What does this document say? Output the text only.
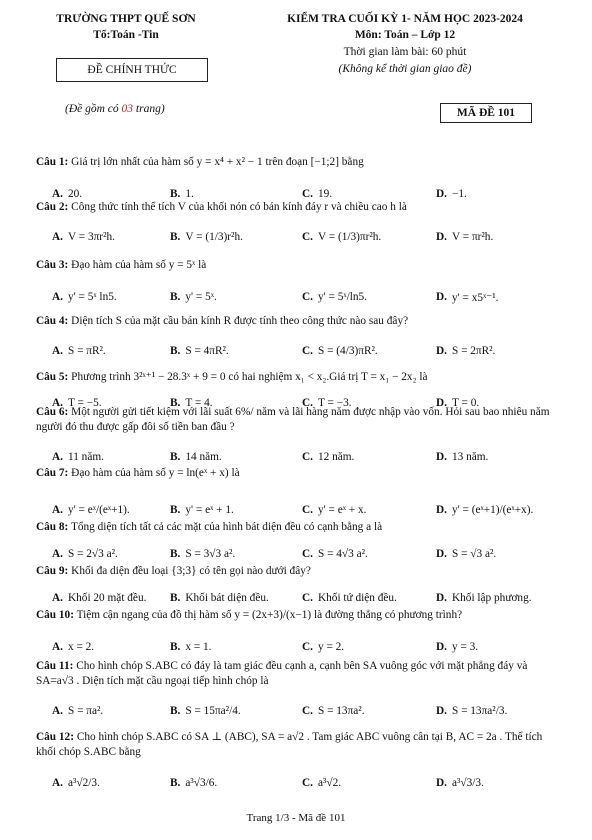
TRƯỜNG THPT QUẾ SƠN
Tổ:Toán -Tin
ĐỀ CHÍNH THỨC
(Đề gồm có 03 trang)
KIỂM TRA CUỐI KỲ 1- NĂM HỌC 2023-2024
Môn: Toán – Lớp 12
Thời gian làm bài: 60 phút
(Không kể thời gian giao đề)
MÃ ĐỀ 101
Câu 1: Giá trị lớn nhất của hàm số y = x⁴ + x² − 1 trên đoạn [−1;2] bằng
A. 20.	B. 1.	C. 19.	D. −1.
Câu 2: Công thức tính thể tích V của khối nón có bán kính đáy r và chiều cao h là
A. V = 3πr²h.	B. V = (1/3)r²h.	C. V = (1/3)πr²h.	D. V = πr²h.
Câu 3: Đạo hàm của hàm số y = 5ˣ là
A. y' = 5ˣ ln5.	B. y' = 5ˣ.	C. y' = 5ˣ/ln5.	D. y' = x5ˣ⁻¹.
Câu 4: Diện tích S của mặt cầu bán kính R được tính theo công thức nào sau đây?
A. S = πR².	B. S = 4πR².	C. S = (4/3)πR².	D. S = 2πR².
Câu 5: Phương trình 3²ˣ⁺¹ − 28.3ˣ + 9 = 0 có hai nghiệm x₁ < x₂.Giá trị T = x₁ − 2x₂ là
A. T = −5.	B. T = 4.	C. T = −3.	D. T = 0.
Câu 6: Một người gửi tiết kiệm với lãi suất 6%/ năm và lãi hàng năm được nhập vào vốn. Hỏi sau bao nhiêu năm người đó thu được gấp đôi số tiền ban đầu ?
A. 11 năm.	B. 14 năm.	C. 12 năm.	D. 13 năm.
Câu 7: Đạo hàm của hàm số y = ln(eˣ + x) là
A. y' = eˣ/(eˣ+1).	B. y' = eˣ + 1.	C. y' = eˣ + x.	D. y' = (eˣ+1)/(eˣ+x).
Câu 8: Tổng diện tích tất cả các mặt của hình bát diện đều có cạnh bằng a là
A. S = 2√3 a².	B. S = 3√3 a².	C. S = 4√3 a².	D. S = √3 a².
Câu 9: Khối đa diện đều loại {3;3} có tên gọi nào dưới đây?
A. Khối 20 mặt đều. B. Khối bát diện đều.	C. Khối tứ diện đều.	D. Khối lập phương.
Câu 10: Tiệm cận ngang của đồ thị hàm số y = (2x+3)/(x−1) là đường thẳng có phương trình?
A. x = 2.	B. x = 1.	C. y = 2.	D. y = 3.
Câu 11: Cho hình chóp S.ABC có đáy là tam giác đều cạnh a, cạnh bên SA vuông góc với mặt phẳng đáy và SA=a√3 . Diện tích mặt cầu ngoại tiếp hình chóp là
A. S = πa².	B. S = 15πa²/4.	C. S = 13πa².	D. S = 13πa²/3.
Câu 12: Cho hình chóp S.ABC có SA ⊥ (ABC), SA = a√2 . Tam giác ABC vuông cân tại B, AC = 2a . Thể tích khối chóp S.ABC bằng
A. a³√2/3.	B. a³√3/6.	C. a³√2.	D. a³√3/3.
Trang 1/3 - Mã đề 101
